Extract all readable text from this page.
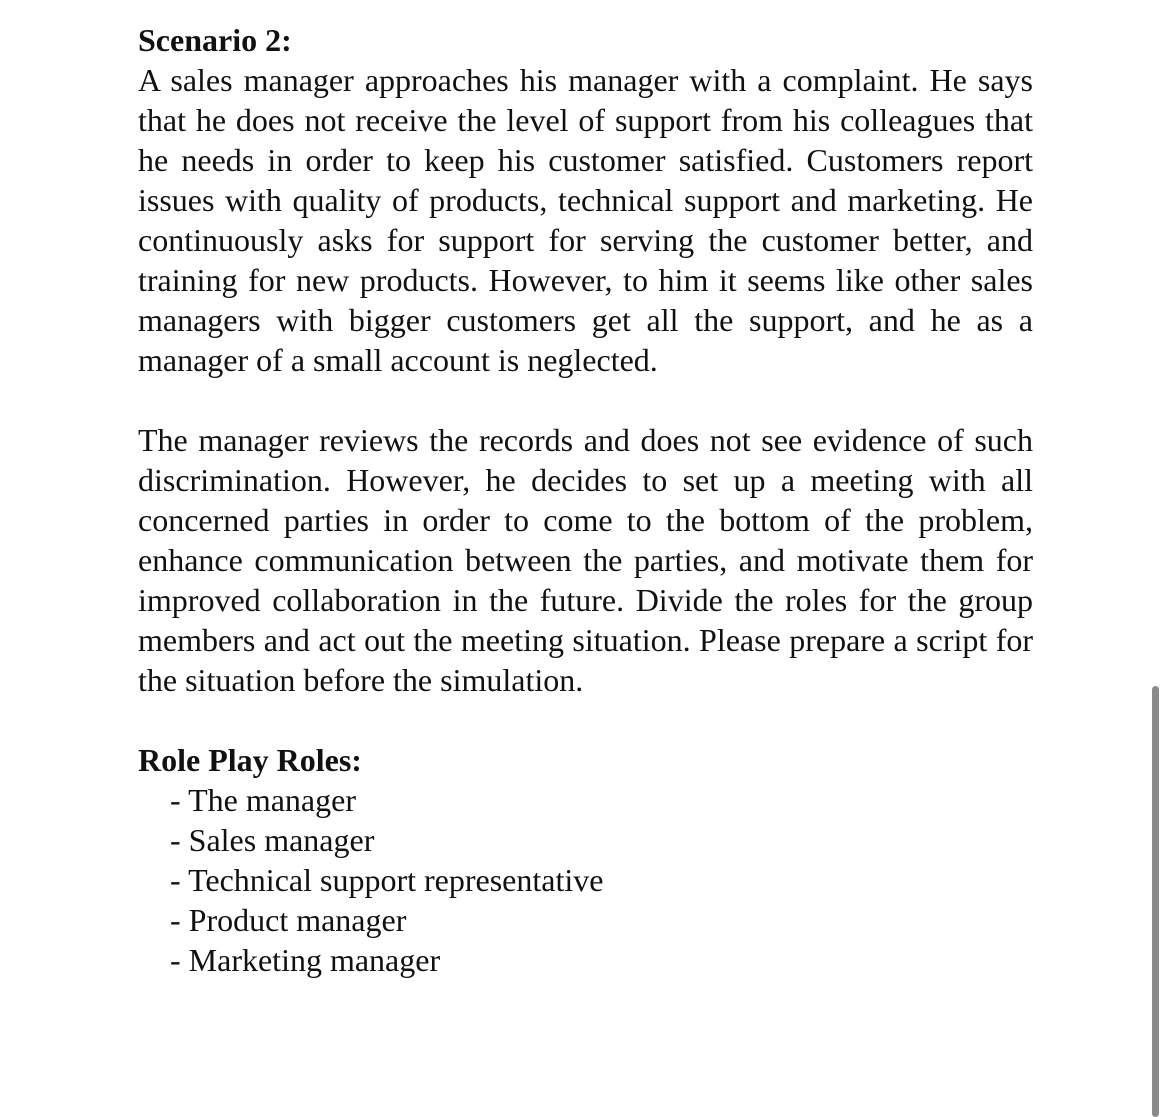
Scenario 2:

A sales manager approaches his manager with a complaint. He says that he does not receive the level of support from his colleagues that he needs in order to keep his customer satisfied. Customers report issues with quality of products, technical support and marketing. He continuously asks for support for serving the customer better, and training for new products. However, to him it seems like other sales managers with bigger customers get all the support, and he as a manager of a small account is neglected.

The manager reviews the records and does not see evidence of such discrimination. However, he decides to set up a meeting with all concerned parties in order to come to the bottom of the problem, enhance communication between the parties, and motivate them for improved collaboration in the future. Divide the roles for the group members and act out the meeting situation. Please prepare a script for the situation before the simulation.

Role Play Roles:

- The manager
- Sales manager
- Technical support representative
- Product manager
- Marketing manager
